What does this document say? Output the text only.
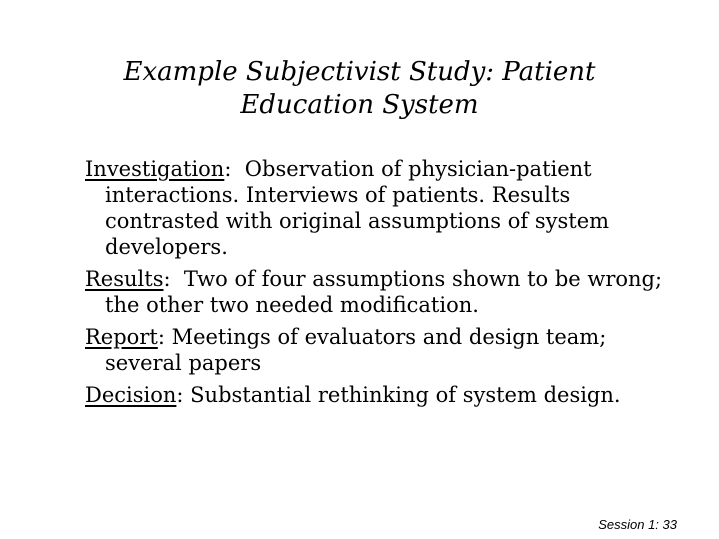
Example Subjectivist Study: Patient
Education System

Investigation:  Observation of physician-patient interactions. Interviews of patients. Results contrasted with original assumptions of system developers.

Results:  Two of four assumptions shown to be wrong; the other two needed modification.

Report: Meetings of evaluators and design team; several papers

Decision: Substantial rethinking of system design.

Session 1: 33
